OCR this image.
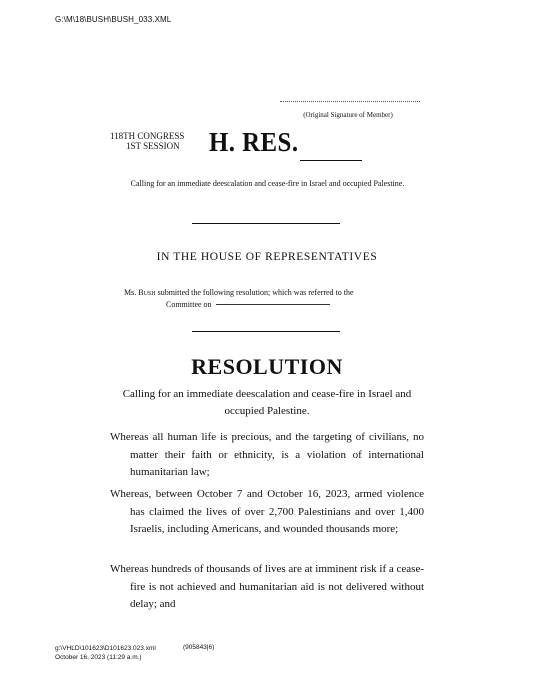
G:\M\18\BUSH\BUSH_033.XML
(Original Signature of Member)
118TH CONGRESS
1ST SESSION H. RES.
Calling for an immediate deescalation and cease-fire in Israel and occupied Palestine.
IN THE HOUSE OF REPRESENTATIVES
Ms. Bush submitted the following resolution; which was referred to the
Committee on
RESOLUTION
Calling for an immediate deescalation and cease-fire in Israel and occupied Palestine.
Whereas all human life is precious, and the targeting of civilians, no matter their faith or ethnicity, is a violation of international humanitarian law;
Whereas, between October 7 and October 16, 2023, armed violence has claimed the lives of over 2,700 Palestinians and over 1,400 Israelis, including Americans, and wounded thousands more;
Whereas hundreds of thousands of lives are at imminent risk if a cease-fire is not achieved and humanitarian aid is not delivered without delay; and
g:\VHLD\101623\D101623.023.xml
October 16, 2023 (11:29 a.m.)
(905843|6)
